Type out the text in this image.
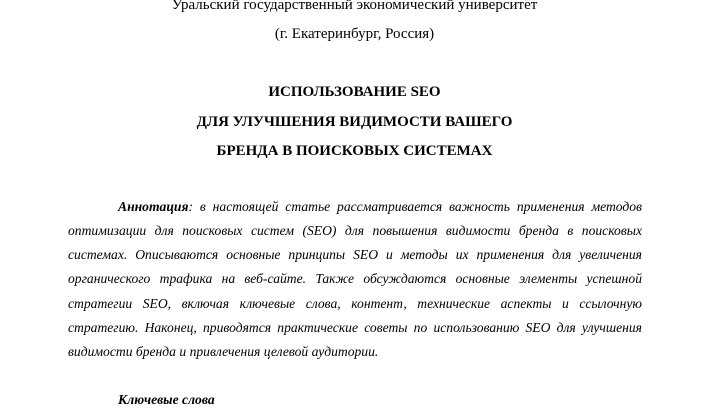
Уральский государственный экономический университет
(г. Екатеринбург, Россия)
ИСПОЛЬЗОВАНИЕ SEO
ДЛЯ УЛУЧШЕНИЯ ВИДИМОСТИ ВАШЕГО
БРЕНДА В ПОИСКОВЫХ СИСТЕМАХ
Аннотация: в настоящей статье рассматривается важность применения методов
оптимизации для поисковых систем (SEO) для повышения видимости бренда в поисковых
системах. Описываются основные принципы SEO и методы их применения для увеличения
органического трафика на веб-сайте. Также обсуждаются основные элементы успешной
стратегии SEO, включая ключевые слова, контент, технические аспекты и ссылочную
стратегию. Наконец, приводятся практические советы по использованию SEO для улучшения
видимости бренда и привлечения целевой аудитории.
Ключевые слова
